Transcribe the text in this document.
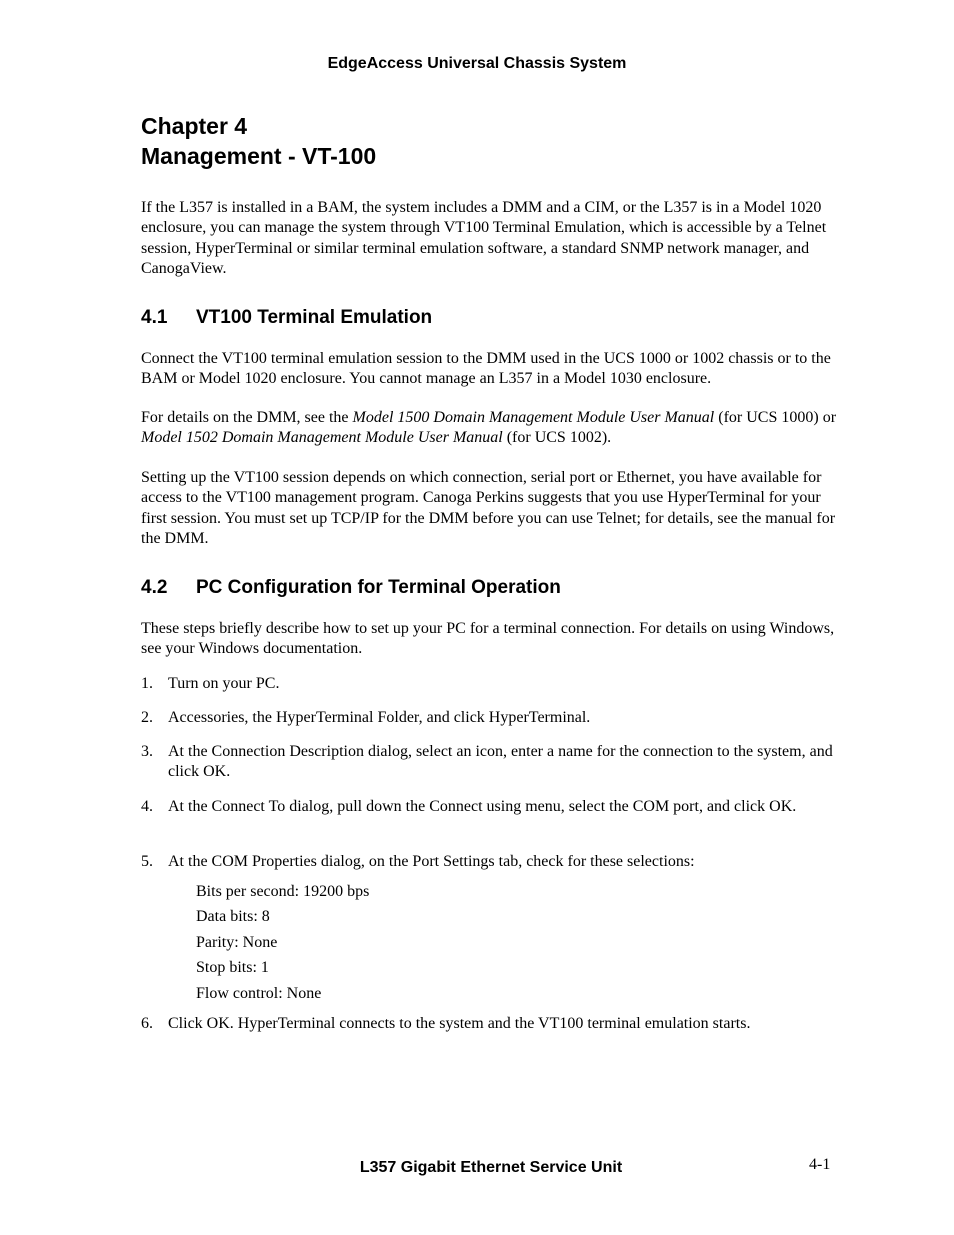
EdgeAccess Universal Chassis System
Chapter 4
Management - VT-100
If the L357 is installed in a BAM, the system includes a DMM and a CIM, or the L357 is in a Model 1020 enclosure, you can manage the system through VT100 Terminal Emulation, which is accessible by a Telnet session, HyperTerminal or similar terminal emulation software, a standard SNMP network manager, and CanogaView.
4.1 VT100 Terminal Emulation
Connect the VT100 terminal emulation session to the DMM used in the UCS 1000 or 1002 chassis or to the BAM or Model 1020 enclosure. You cannot manage an L357 in a Model 1030 enclosure.
For details on the DMM, see the Model 1500 Domain Management Module User Manual (for UCS 1000) or Model 1502 Domain Management Module User Manual (for UCS 1002).
Setting up the VT100 session depends on which connection, serial port or Ethernet, you have available for access to the VT100 management program. Canoga Perkins suggests that you use HyperTerminal for your first session. You must set up TCP/IP for the DMM before you can use Telnet; for details, see the manual for the DMM.
4.2 PC Configuration for Terminal Operation
These steps briefly describe how to set up your PC for a terminal connection. For details on using Windows, see your Windows documentation.
1. Turn on your PC.
2. Accessories, the HyperTerminal Folder, and click HyperTerminal.
3. At the Connection Description dialog, select an icon, enter a name for the connection to the system, and click OK.
4. At the Connect To dialog, pull down the Connect using menu, select the COM port, and click OK.
5. At the COM Properties dialog, on the Port Settings tab, check for these selections:
Bits per second: 19200 bps
Data bits: 8
Parity: None
Stop bits: 1
Flow control: None
6. Click OK. HyperTerminal connects to the system and the VT100 terminal emulation starts.
L357 Gigabit Ethernet Service Unit	4-1
